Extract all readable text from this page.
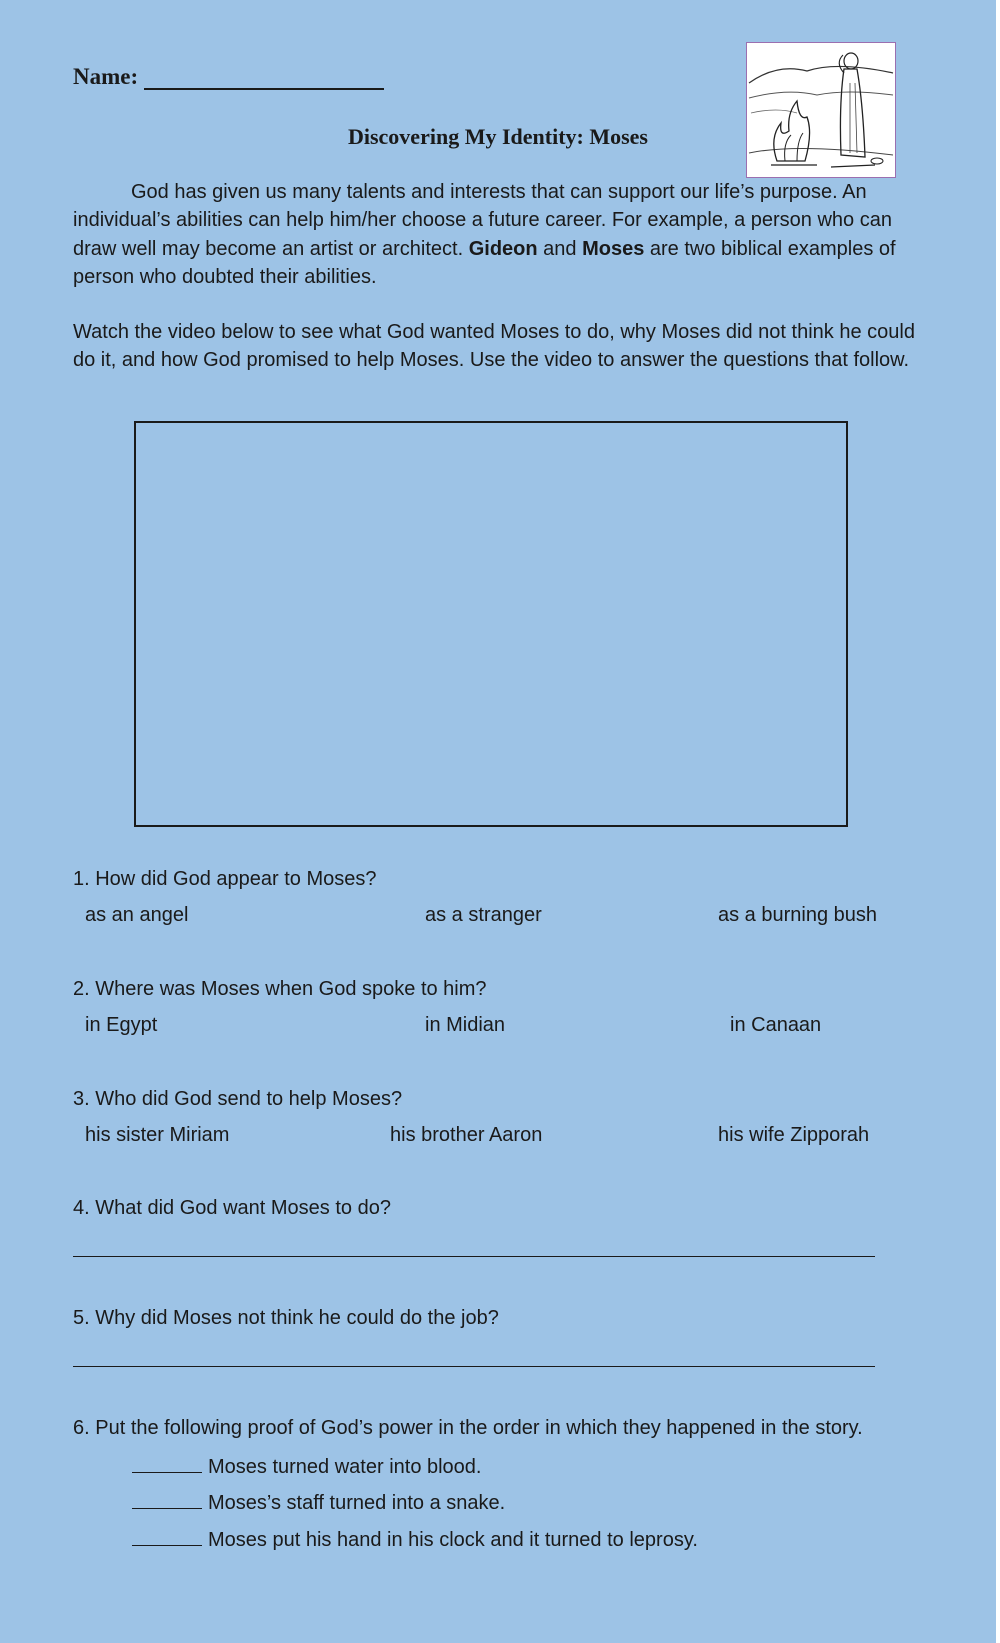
Name:
Discovering My Identity: Moses
God has given us many talents and interests that can support our life’s purpose. An individual’s abilities can help him/her choose a future career. For example, a person who can draw well may become an artist or architect. Gideon and Moses are two biblical examples of person who doubted their abilities.
Watch the video below to see what God wanted Moses to do, why Moses did not think he could do it, and how God promised to help Moses. Use the video to answer the questions that follow.
1. How did God appear to Moses?
as an angel	as a stranger	as a burning bush
2. Where was Moses when God spoke to him?
in Egypt	in Midian	in Canaan
3. Who did God send to help Moses?
his sister Miriam	his brother Aaron	his wife Zipporah
4. What did God want Moses to do?
5. Why did Moses not think he could do the job?
6. Put the following proof of God’s power in the order in which they happened in the story.
Moses turned water into blood.
Moses’s staff turned into a snake.
Moses put his hand in his clock and it turned to leprosy.
